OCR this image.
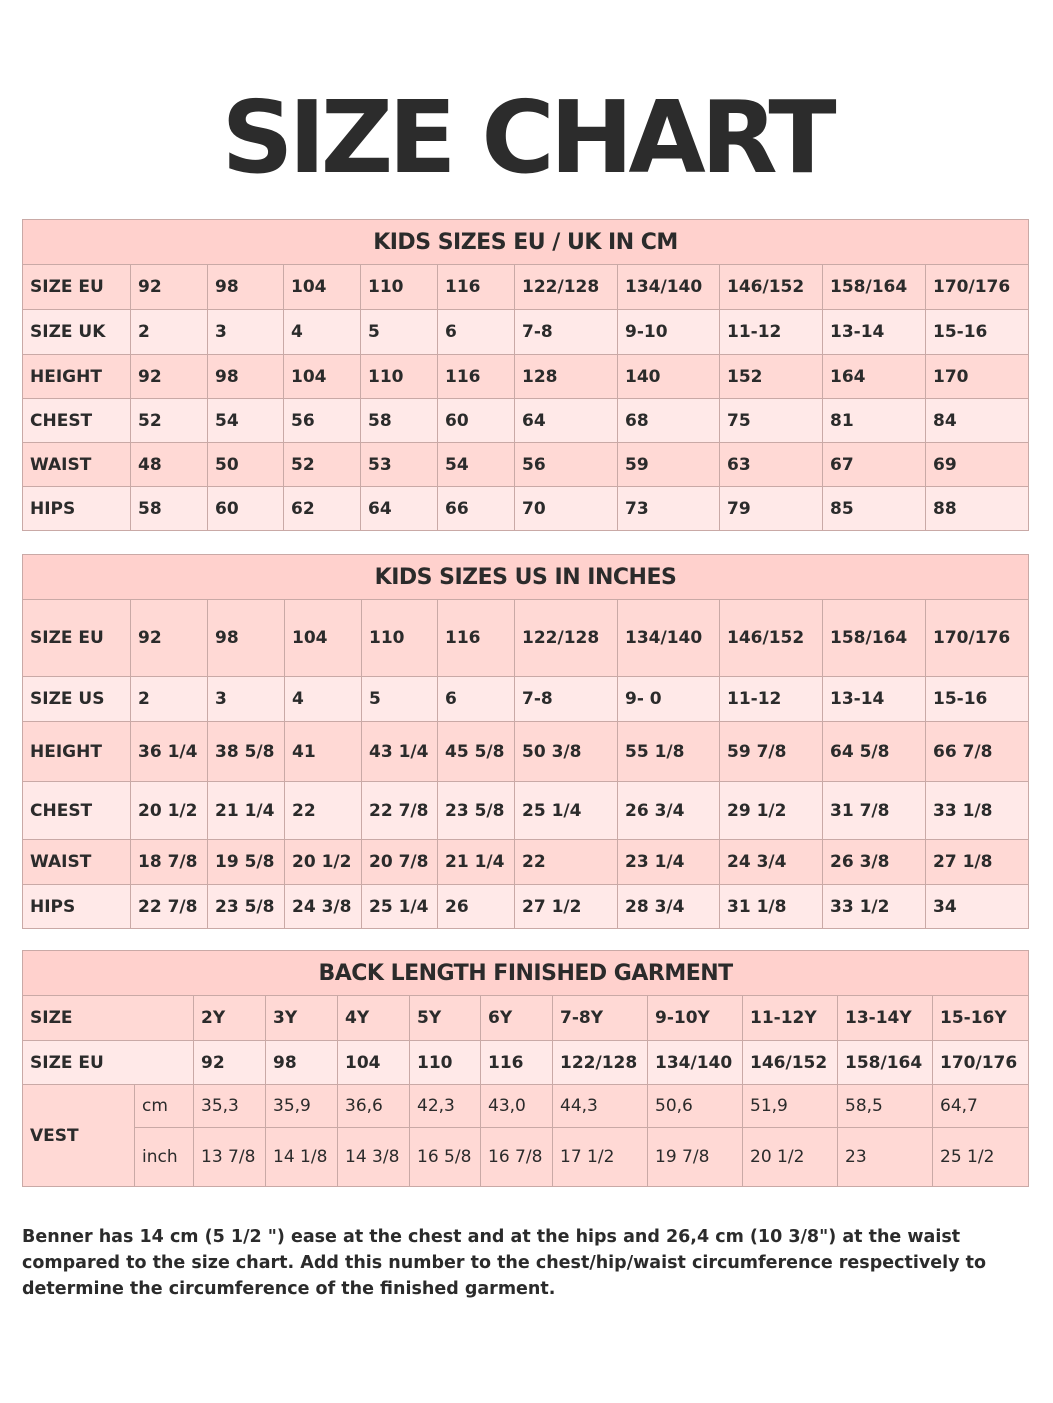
SIZE CHART
KIDS SIZES EU / UK IN CM										
SIZE EU	92	98	104	110	116	122/128	134/140	146/152	158/164	170/176
SIZE UK	2	3	4	5	6	7-8	9-10	11-12	13-14	15-16
HEIGHT	92	98	104	110	116	128	140	152	164	170
CHEST	52	54	56	58	60	64	68	75	81	84
WAIST	48	50	52	53	54	56	59	63	67	69
HIPS	58	60	62	64	66	70	73	79	85	88
KIDS SIZES US IN INCHES										
SIZE EU	92	98	104	110	116	122/128	134/140	146/152	158/164	170/176
SIZE US	2	3	4	5	6	7-8	9- 0	11-12	13-14	15-16
HEIGHT	36 1/4	38 5/8	41	43 1/4	45 5/8	50 3/8	55 1/8	59 7/8	64 5/8	66 7/8
CHEST	20 1/2	21 1/4	22	22 7/8	23 5/8	25 1/4	26 3/4	29 1/2	31 7/8	33 1/8
WAIST	18 7/8	19 5/8	20 1/2	20 7/8	21 1/4	22	23 1/4	24 3/4	26 3/8	27 1/8
HIPS	22 7/8	23 5/8	24 3/8	25 1/4	26	27 1/2	28 3/4	31 1/8	33 1/2	34
BACK LENGTH FINISHED GARMENT											
SIZE		2Y	3Y	4Y	5Y	6Y	7-8Y	9-10Y	11-12Y	13-14Y	15-16Y
SIZE EU		92	98	104	110	116	122/128	134/140	146/152	158/164	170/176
VEST	cm	35,3	35,9	36,6	42,3	43,0	44,3	50,6	51,9	58,5	64,7
	inch	13 7/8	14 1/8	14 3/8	16 5/8	16 7/8	17 1/2	19 7/8	20 1/2	23	25 1/2
Benner has 14 cm (5 1/2 ") ease at the chest and at the hips and 26,4 cm (10 3/8") at the waist compared to the size chart. Add this number to the chest/hip/waist circumference respectively to determine the circumference of the finished garment.
